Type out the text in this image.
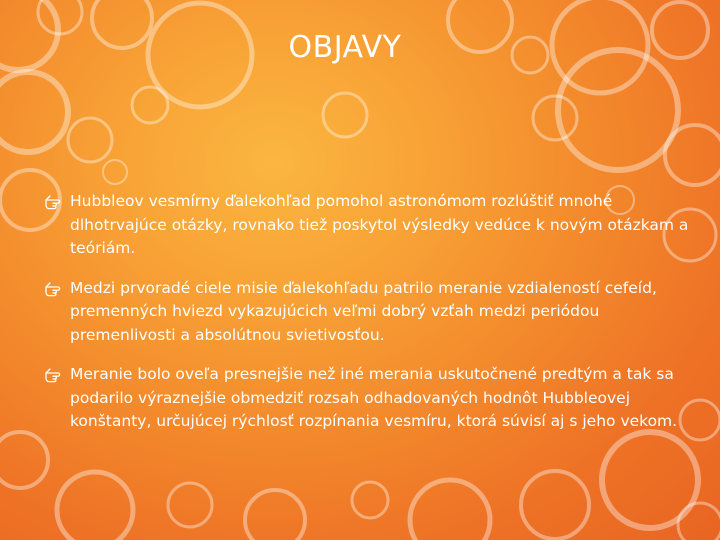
OBJAVY
Hubbleov vesmírny ďalekohľad pomohol astronómom rozlúštiť mnohé dlhotrvajúce otázky, rovnako tiež poskytol výsledky vedúce k novým otázkam a teóriám.
Medzi prvoradé ciele misie ďalekohľadu patrilo meranie vzdialeností cefeíd, premenných hviezd vykazujúcich veľmi dobrý vzťah medzi periódou premenlivosti a absolútnou svietivosťou.
Meranie bolo oveľa presnejšie než iné merania uskutočnené predtým a tak sa podarilo výraznejšie obmedziť rozsah odhadovaných hodnôt Hubbleovej konštanty, určujúcej rýchlosť rozpínania vesmíru, ktorá súvisí aj s jeho vekom.
